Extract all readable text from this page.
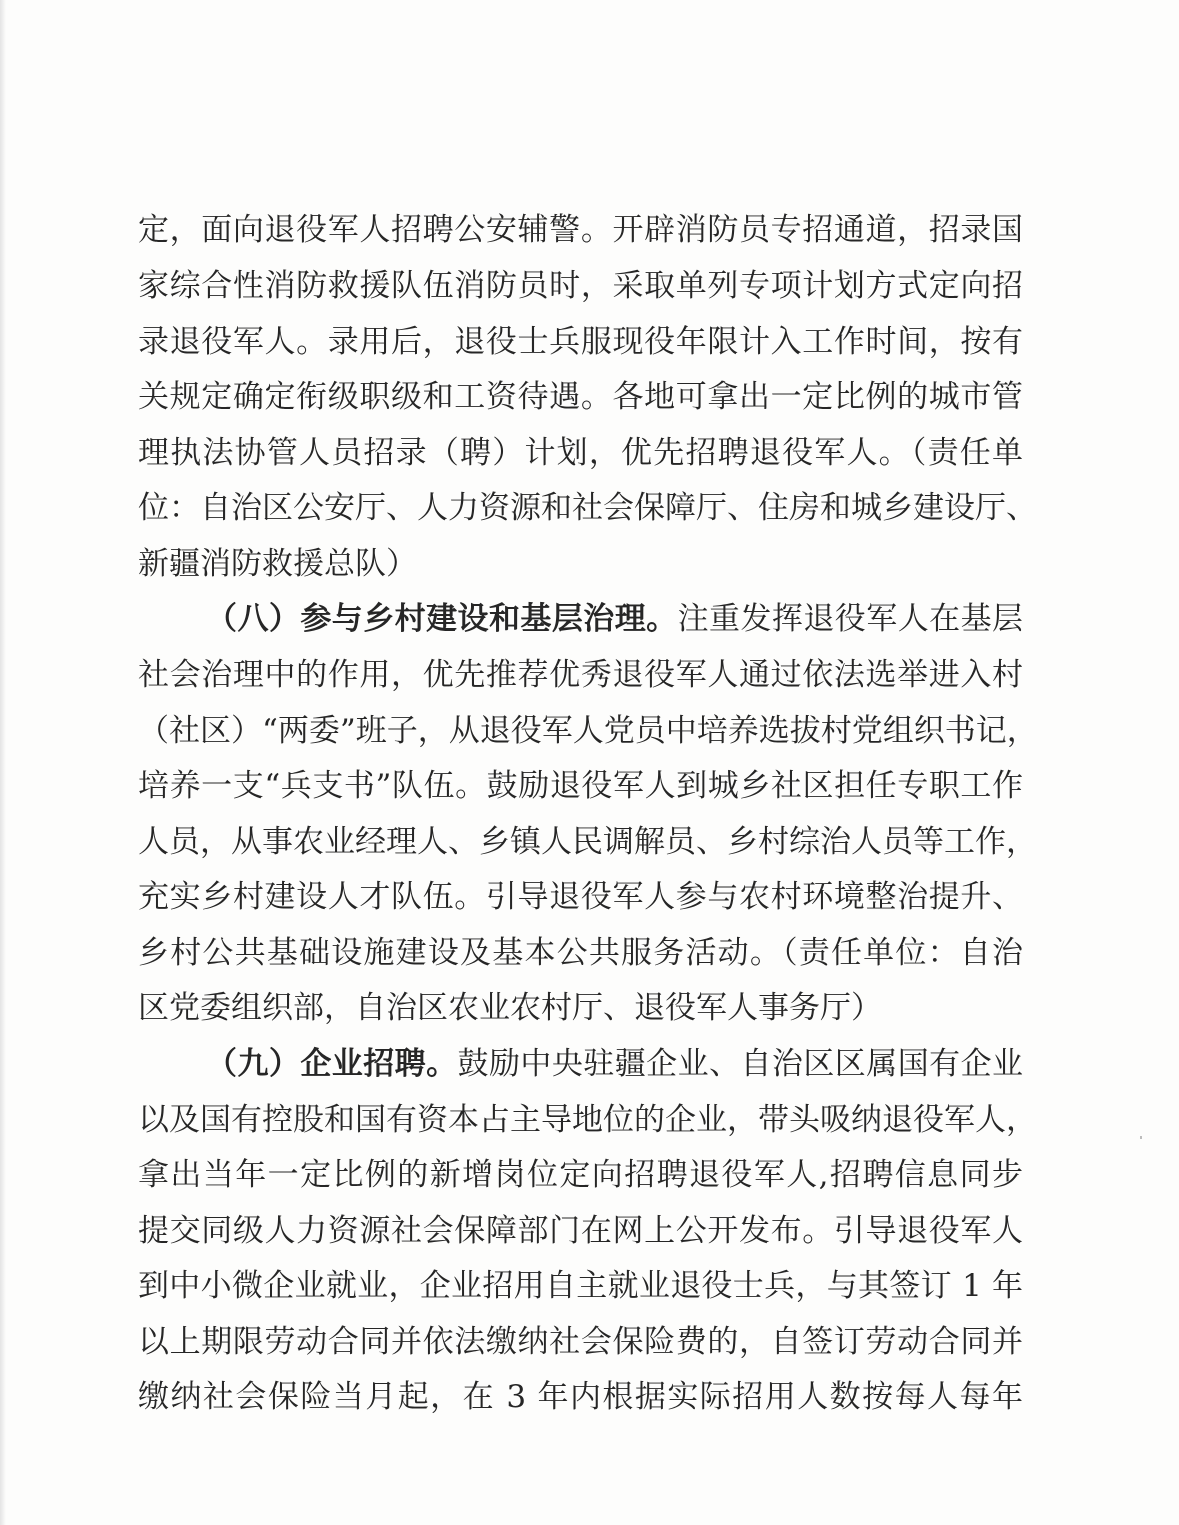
定，面向退役军人招聘公安辅警。开辟消防员专招通道，招录国
家综合性消防救援队伍消防员时，采取单列专项计划方式定向招
录退役军人。录用后，退役士兵服现役年限计入工作时间，按有
关规定确定衔级职级和工资待遇。各地可拿出一定比例的城市管
理执法协管人员招录（聘）计划，优先招聘退役军人。（责任单
位：自治区公安厅、人力资源和社会保障厅、住房和城乡建设厅、
新疆消防救援总队）
（八）参与乡村建设和基层治理。注重发挥退役军人在基层
社会治理中的作用，优先推荐优秀退役军人通过依法选举进入村
（社区）“两委”班子，从退役军人党员中培养选拔村党组织书记，
培养一支“兵支书”队伍。鼓励退役军人到城乡社区担任专职工作
人员，从事农业经理人、乡镇人民调解员、乡村综治人员等工作，
充实乡村建设人才队伍。引导退役军人参与农村环境整治提升、
乡村公共基础设施建设及基本公共服务活动。（责任单位：自治
区党委组织部，自治区农业农村厅、退役军人事务厅）
（九）企业招聘。鼓励中央驻疆企业、自治区区属国有企业
以及国有控股和国有资本占主导地位的企业，带头吸纳退役军人，
拿出当年一定比例的新增岗位定向招聘退役军人,招聘信息同步
提交同级人力资源社会保障部门在网上公开发布。引导退役军人
到中小微企业就业，企业招用自主就业退役士兵，与其签订 1 年
以上期限劳动合同并依法缴纳社会保险费的，自签订劳动合同并
缴纳社会保险当月起，在 3 年内根据实际招用人数按每人每年
